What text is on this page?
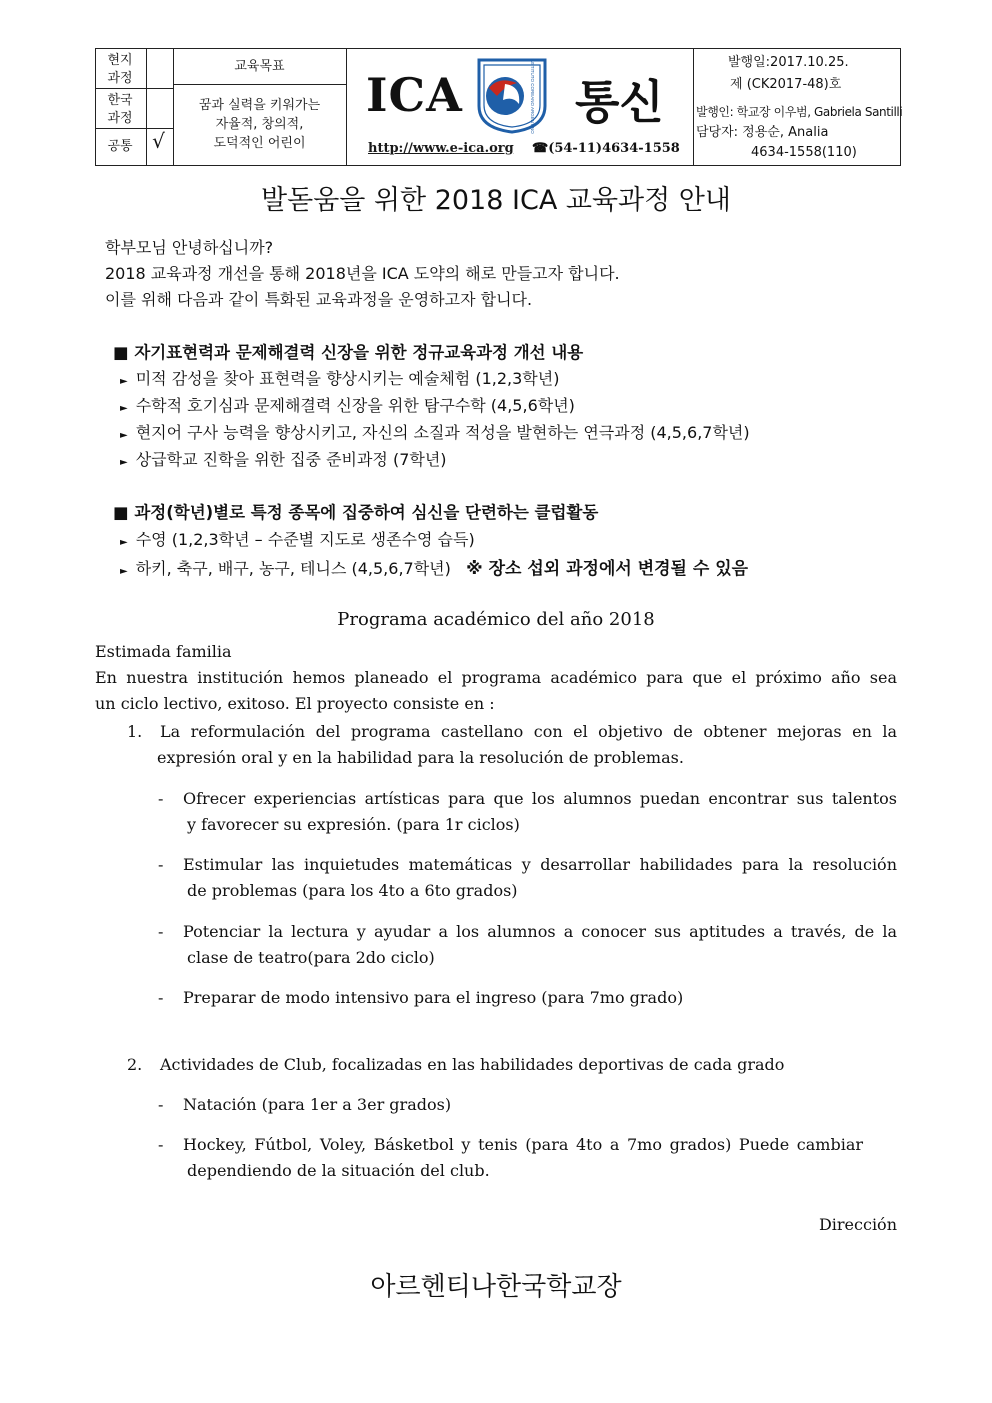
현지
과정
한국
과정
공통 √
교육목표
꿈과 실력을 키워가는
자율적, 창의적,
도덕적인 어린이
ICA	INSTITUTO COREANO ARGENTINO 통신
http://www.e-ica.org ☎(54-11)4634-1558
발행일:2017.10.25.
제 (CK2017-48)호
발행인: 학교장 이우범, Gabriela Santilli
담당자: 정용순, Analia
4634-1558(110)
발돋움을 위한 2018 ICA 교육과정 안내
학부모님 안녕하십니까?
2018 교육과정 개선을 통해 2018년을 ICA 도약의 해로 만들고자 합니다.
이를 위해 다음과 같이 특화된 교육과정을 운영하고자 합니다.
■ 자기표현력과 문제해결력 신장을 위한 정규교육과정 개선 내용
► 미적 감성을 찾아 표현력을 향상시키는 예술체험 (1,2,3학년)
► 수학적 호기심과 문제해결력 신장을 위한 탐구수학 (4,5,6학년)
► 현지어 구사 능력을 향상시키고, 자신의 소질과 적성을 발현하는 연극과정 (4,5,6,7학년)
► 상급학교 진학을 위한 집중 준비과정 (7학년)
■ 과정(학년)별로 특정 종목에 집중하여 심신을 단련하는 클럽활동
► 수영 (1,2,3학년 – 수준별 지도로 생존수영 습득)
► 하키, 축구, 배구, 농구, 테니스 (4,5,6,7학년) ※ 장소 섭외 과정에서 변경될 수 있음
Programa académico del año 2018
Estimada familia
En nuestra institución hemos planeado el programa académico para que el próximo año sea
un ciclo lectivo, exitoso. El proyecto consiste en :
1. La reformulación del programa castellano con el objetivo de obtener mejoras en la
expresión oral y en la habilidad para la resolución de problemas.
- Ofrecer experiencias artísticas para que los alumnos puedan encontrar sus talentos
y favorecer su expresión. (para 1r ciclos)
- Estimular las inquietudes matemáticas y desarrollar habilidades para la resolución
de problemas (para los 4to a 6to grados)
- Potenciar la lectura y ayudar a los alumnos a conocer sus aptitudes a través, de la
clase de teatro(para 2do ciclo)
- Preparar de modo intensivo para el ingreso (para 7mo grado)
2. Actividades de Club, focalizadas en las habilidades deportivas de cada grado
- Natación (para 1er a 3er grados)
- Hockey, Fútbol, Voley, Básketbol y tenis (para 4to a 7mo grados) Puede cambiar
dependiendo de la situación del club.
Dirección
아르헨티나한국학교장
